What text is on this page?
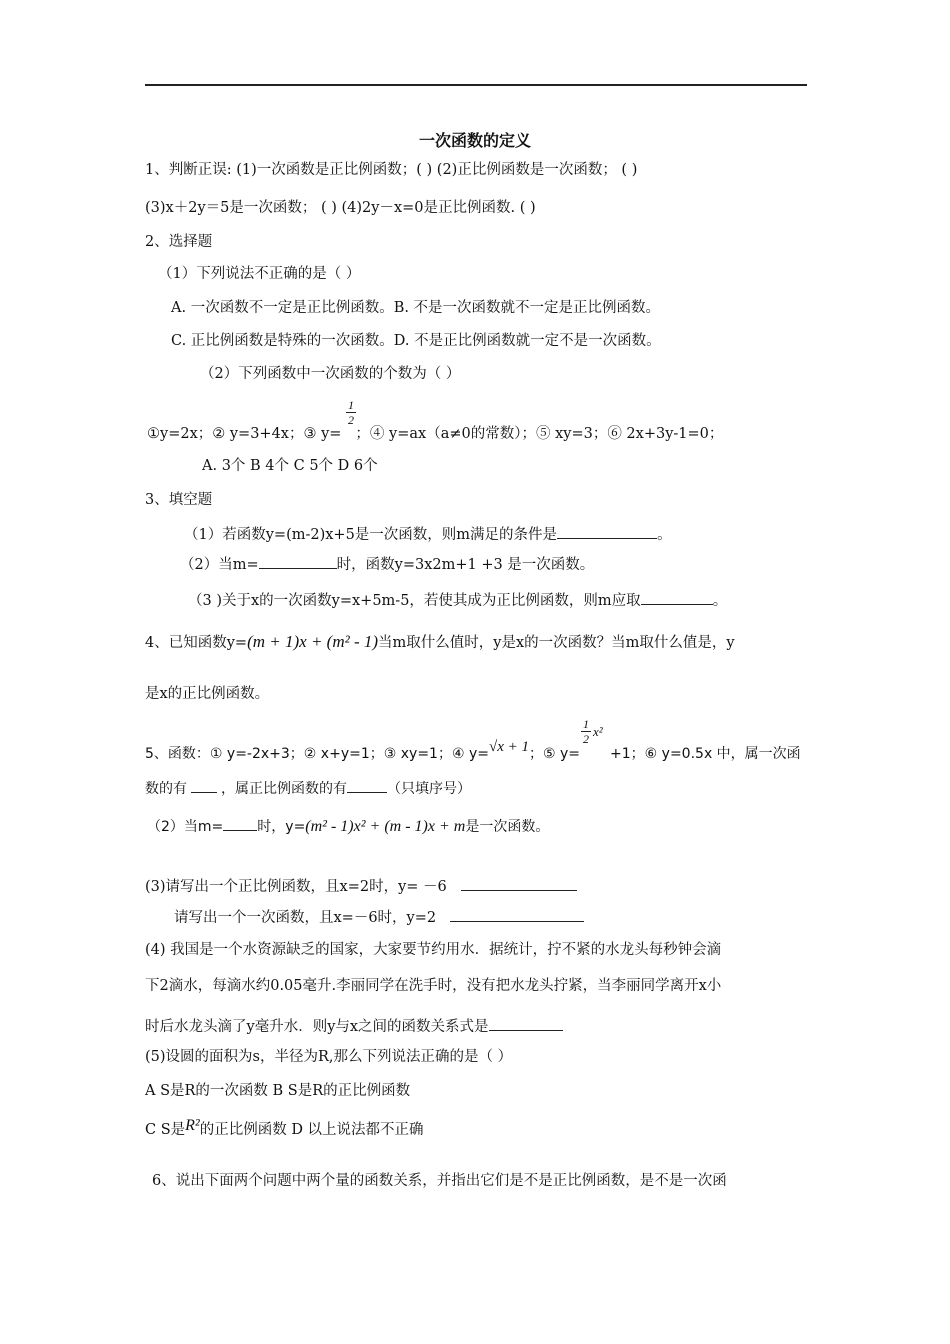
一次函数的定义
1、判断正误: (1)一次函数是正比例函数；( ) (2)正比例函数是一次函数； ( )
(3)x＋2y＝5是一次函数； ( ) (4)2y－x=0是正比例函数. ( )
2、选择题
（1）下列说法不正确的是（ ）
A. 一次函数不一定是正比例函数。B. 不是一次函数就不一定是正比例函数。
C. 正比例函数是特殊的一次函数。D. 不是正比例函数就一定不是一次函数。
（2）下列函数中一次函数的个数为（ ）
①y=2x；② y=3+4x；③ y= ；④ y=ax（a≠0的常数）；⑤ xy=3；⑥ 2x+3y-1=0；
$\frac{1}{2}$
A. 3个 B 4个 C 5个 D 6个
3、填空题
（1）若函数y=(m-2)x+5是一次函数，则m满足的条件是	。
（2）当m=	时，函数y=3x2m+1 +3 是一次函数。
（3 )关于x的一次函数y=x+5m-5，若使其成为正比例函数，则m应取	。
4、已知函数y=(m + 1)x + (m² - 1)当m取什么值时，y是x的一次函数？当m取什么值是，y
是x的正比例函数。
5、函数：① y=-2x+3；② x+y=1；③ xy=1；④ y=√x + 1；⑤ y= +1；⑥ y=0.5x 中，属一次函
$\frac{1}{2} x^2$
数的有 ，属正比例函数的有	（只填序号）
（2）当m= 时，y=(m² - 1)x² + (m - 1)x + m是一次函数。
(3)请写出一个正比例函数，且x=2时，y= －6
请写出一个一次函数，且x=－6时，y=2
(4) 我国是一个水资源缺乏的国家，大家要节约用水．据统计，拧不紧的水龙头每秒钟会滴
下2滴水，每滴水约0.05毫升.李丽同学在洗手时，没有把水龙头拧紧，当李丽同学离开x小
时后水龙头滴了y毫升水．则y与x之间的函数关系式是
(5)设圆的面积为s，半径为R,那么下列说法正确的是（ ）
A S是R的一次函数 B S是R的正比例函数
C S是R²的正比例函数 D 以上说法都不正确
6、说出下面两个问题中两个量的函数关系，并指出它们是不是正比例函数，是不是一次函
